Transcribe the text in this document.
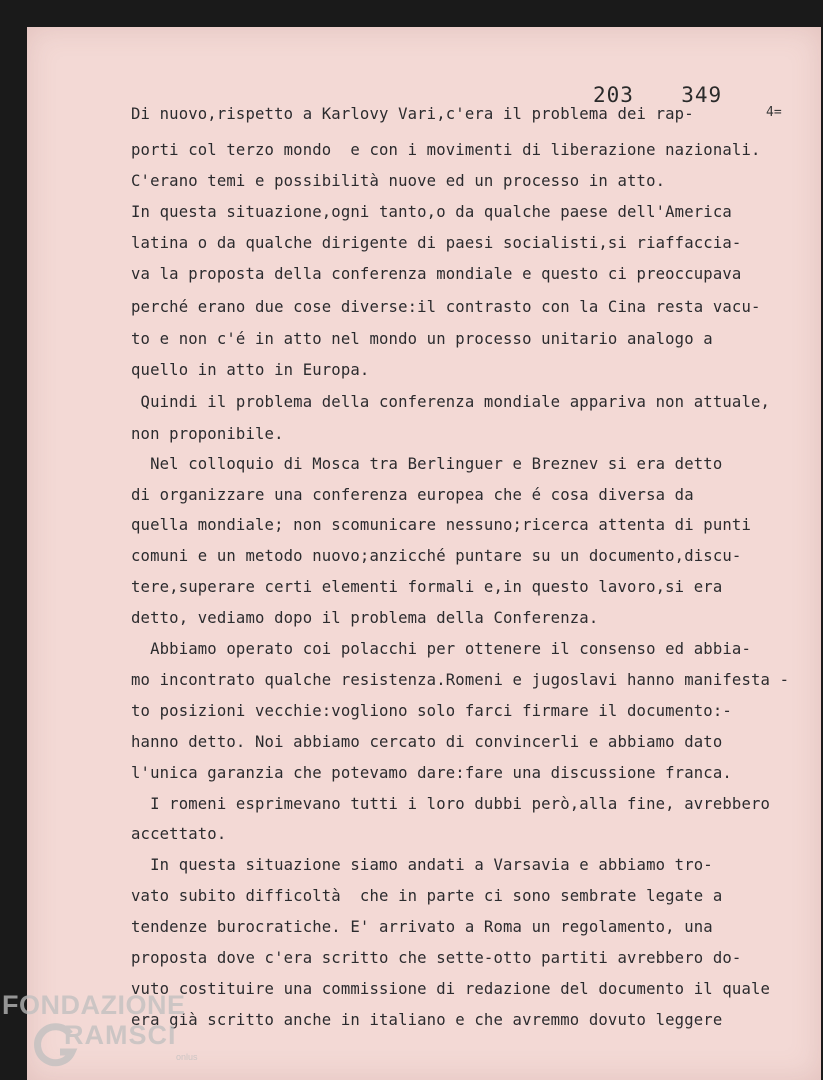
203  349
4=
Di nuovo,rispetto a Karlovy Vari,c'era il problema dei rap-
porti col terzo mondo  e con i movimenti di liberazione nazionali.
C'erano temi e possibilità nuove ed un processo in atto.
In questa situazione,ogni tanto,o da qualche paese dell'America
latina o da qualche dirigente di paesi socialisti,si riaffaccia-
va la proposta della conferenza mondiale e questo ci preoccupava
perché erano due cose diverse:il contrasto con la Cina resta vacu-
to e non c'é in atto nel mondo un processo unitario analogo a
quello in atto in Europa.
Quindi il problema della conferenza mondiale appariva non attuale,
non proponibile.
Nel colloquio di Mosca tra Berlinguer e Breznev si era detto
di organizzare una conferenza europea che é cosa diversa da
quella mondiale; non scomunicare nessuno;ricerca attenta di punti
comuni e un metodo nuovo;anzicché puntare su un documento,discu-
tere,superare certi elementi formali e,in questo lavoro,si era
detto, vediamo dopo il problema della Conferenza.
Abbiamo operato coi polacchi per ottenere il consenso ed abbia-
mo incontrato qualche resistenza.Romeni e jugoslavi hanno manifesta -
to posizioni vecchie:vogliono solo farci firmare il documento:-
hanno detto. Noi abbiamo cercato di convincerli e abbiamo dato
l'unica garanzia che potevamo dare:fare una discussione franca.
I romeni esprimevano tutti i loro dubbi però,alla fine, avrebbero
accettato.
In questa situazione siamo andati a Varsavia e abbiamo tro-
vato subito difficoltà  che in parte ci sono sembrate legate a
tendenze burocratiche. E' arrivato a Roma un regolamento, una
proposta dove c'era scritto che sette-otto partiti avrebbero do-
vuto costituire una commissione di redazione del documento il quale
era già scritto anche in italiano e che avremmo dovuto leggere
FONDAZIONE
RAMSCI
onlus
